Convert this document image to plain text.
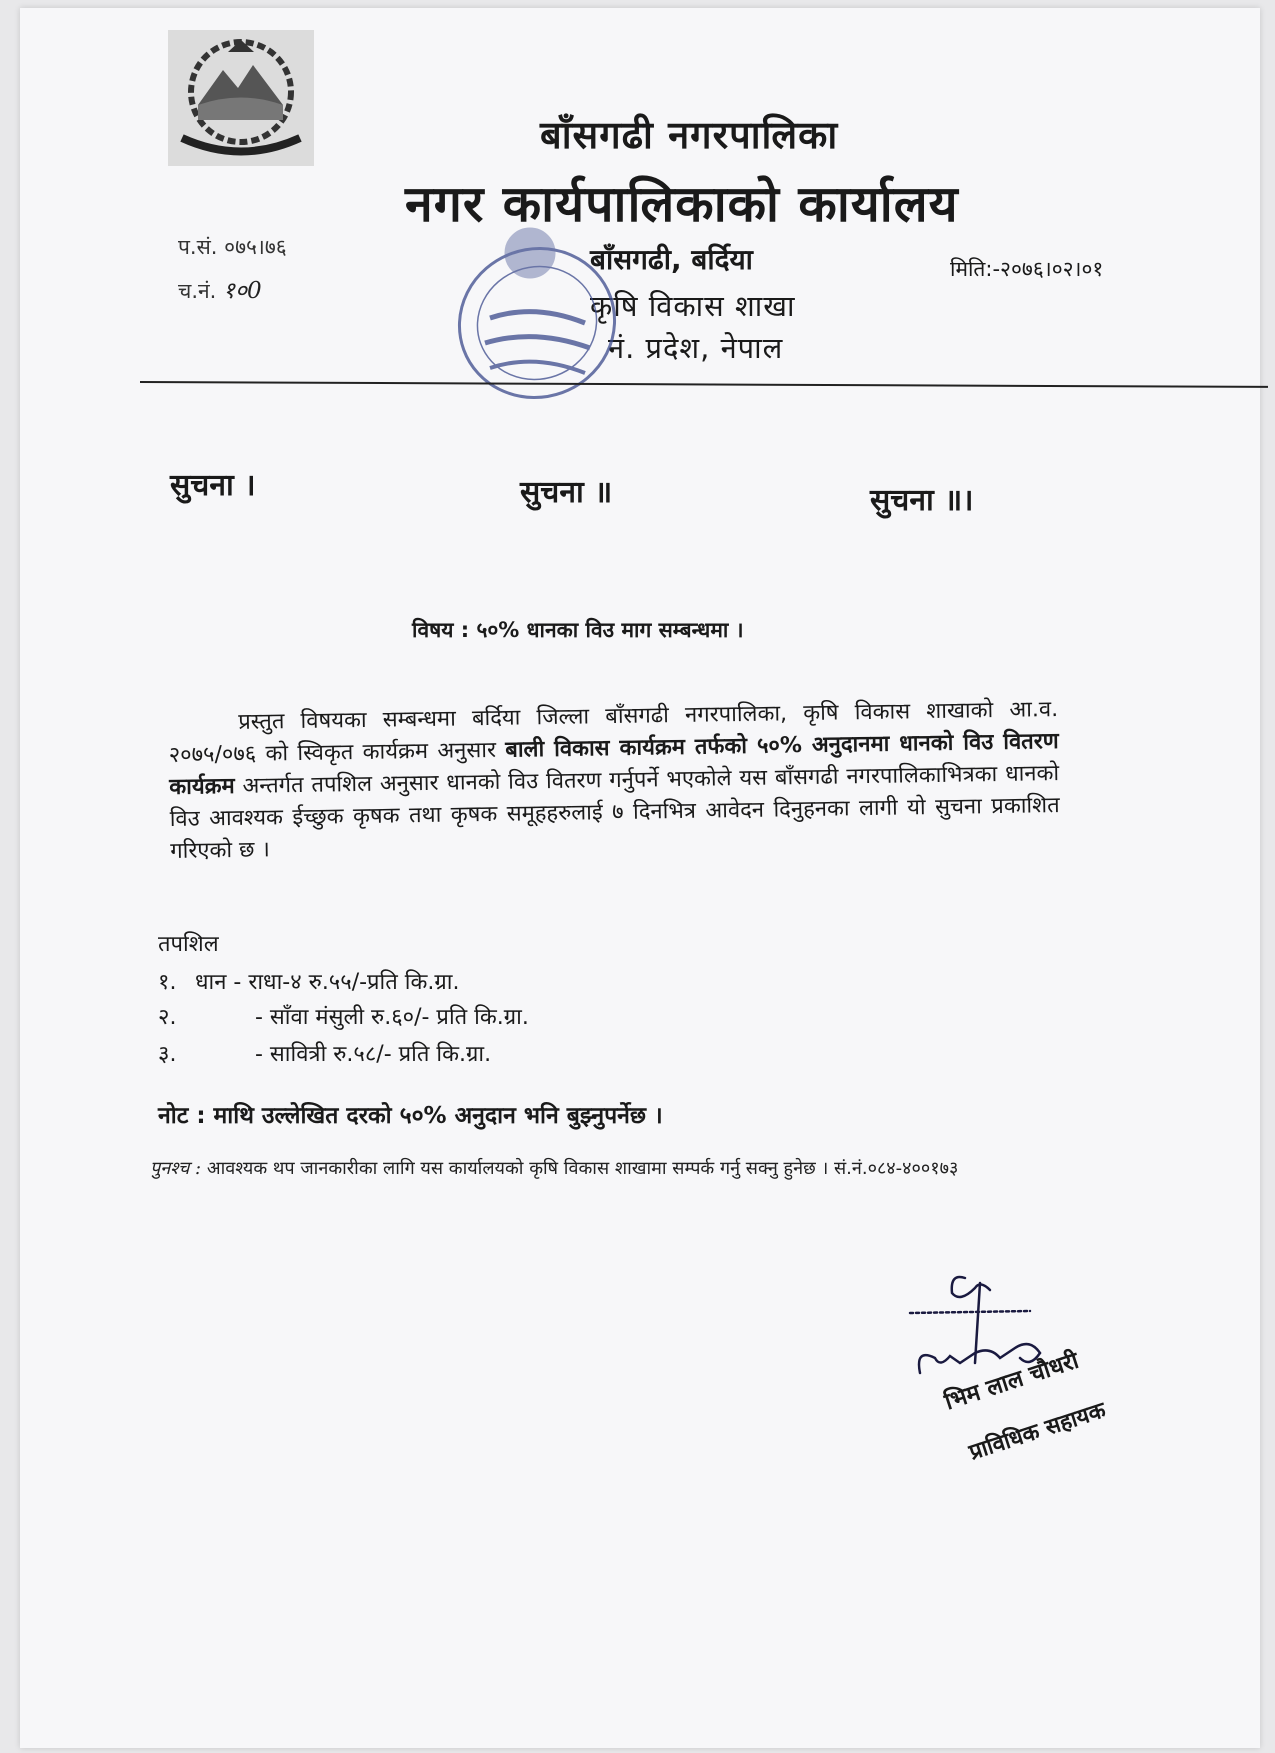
बाँसगढी नगरपालिका
नगर कार्यपालिकाको कार्यालय
प.सं. ०७५।७६
च.नं. १०0
बाँसगढी, बर्दिया
कृषि विकास शाखा
नं. प्रदेश, नेपाल
मिति:-२०७६।०२।०१
सुचना ।	सुचना ॥	सुचना ॥।
विषय : ५०% धानका विउ माग सम्बन्धमा ।
प्रस्तुत विषयका सम्बन्धमा बर्दिया जिल्ला बाँसगढी नगरपालिका, कृषि विकास शाखाको आ.व. २०७५/०७६ को स्विकृत कार्यक्रम अनुसार बाली विकास कार्यक्रम तर्फको ५०% अनुदानमा धानको विउ वितरण कार्यक्रम अन्तर्गत तपशिल अनुसार धानको विउ वितरण गर्नुपर्ने भएकोले यस बाँसगढी नगरपालिकाभित्रका धानको विउ आवश्यक ईच्छुक कृषक तथा कृषक समूहहरुलाई ७ दिनभित्र आवेदन दिनुहनका लागी यो सुचना प्रकाशित गरिएको छ ।
तपशिल
१. धान - राधा-४ रु.५५/-प्रति कि.ग्रा.
२.	- साँवा मंसुली रु.६०/- प्रति कि.ग्रा.
३.	- सावित्री रु.५८/- प्रति कि.ग्रा.
नोट : माथि उल्लेखित दरको ५०% अनुदान भनि बुझ्नुपर्नेछ ।
पुनश्च : आवश्यक थप जानकारीका लागि यस कार्यालयको कृषि विकास शाखामा सम्पर्क गर्नु सक्नु हुनेछ । सं.नं.०८४-४००१७३
भिम लाल चौधरी
प्राविधिक सहायक
